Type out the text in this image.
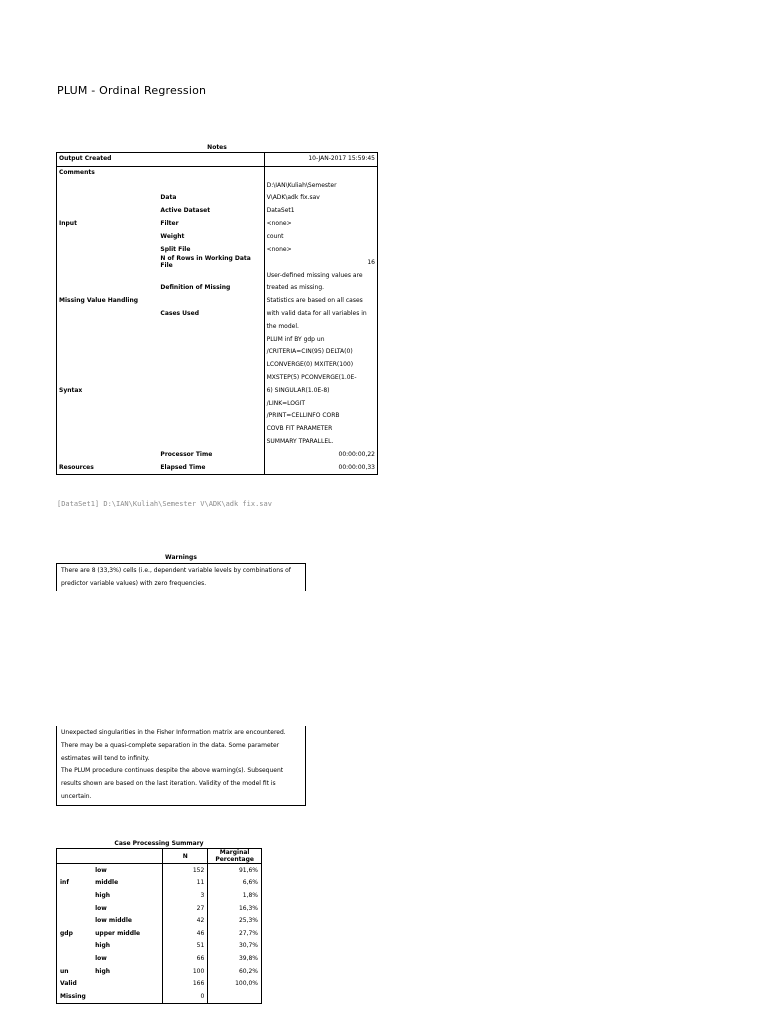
PLUM - Ordinal Regression
Notes
Output Created		10-JAN-2017 15:59:45
Comments		
		D:\IAN\Kuliah\Semester
	Data	V\ADK\adk fix.sav
	Active Dataset	DataSet1
Input	Filter	<none>
	Weight	count
	Split File	<none>
	N of Rows in Working Data File	16
		User-defined missing values are
	Definition of Missing	treated as missing.
Missing Value Handling		Statistics are based on all cases
	Cases Used	with valid data for all variables in
		the model.
		PLUM inf BY gdp un
		/CRITERIA=CIN(95) DELTA(0)
		LCONVERGE(0) MXITER(100)
		MXSTEP(5) PCONVERGE(1.0E-
Syntax		6) SINGULAR(1.0E-8)
		/LINK=LOGIT
		/PRINT=CELLINFO CORB
		COVB FIT PARAMETER
		SUMMARY TPARALLEL.
	Processor Time	00:00:00,22
Resources	Elapsed Time	00:00:00,33
[DataSet1] D:\IAN\Kuliah\Semester V\ADK\adk fix.sav
Warnings
There are 8 (33,3%) cells (i.e., dependent variable levels by combinations of predictor variable values) with zero frequencies.
Unexpected singularities in the Fisher Information matrix are encountered.
There may be a quasi-complete separation in the data. Some parameter
estimates will tend to infinity.
The PLUM procedure continues despite the above warning(s). Subsequent
results shown are based on the last iteration. Validity of the model fit is
uncertain.
Case Processing Summary
		N	Marginal
Percentage
	low	152	91,6%
inf	middle	11	6,6%
	high	3	1,8%
	low	27	16,3%
	low middle	42	25,3%
gdp	upper middle	46	27,7%
	high	51	30,7%
	low	66	39,8%
un	high	100	60,2%
Valid		166	100,0%
Missing		0	
